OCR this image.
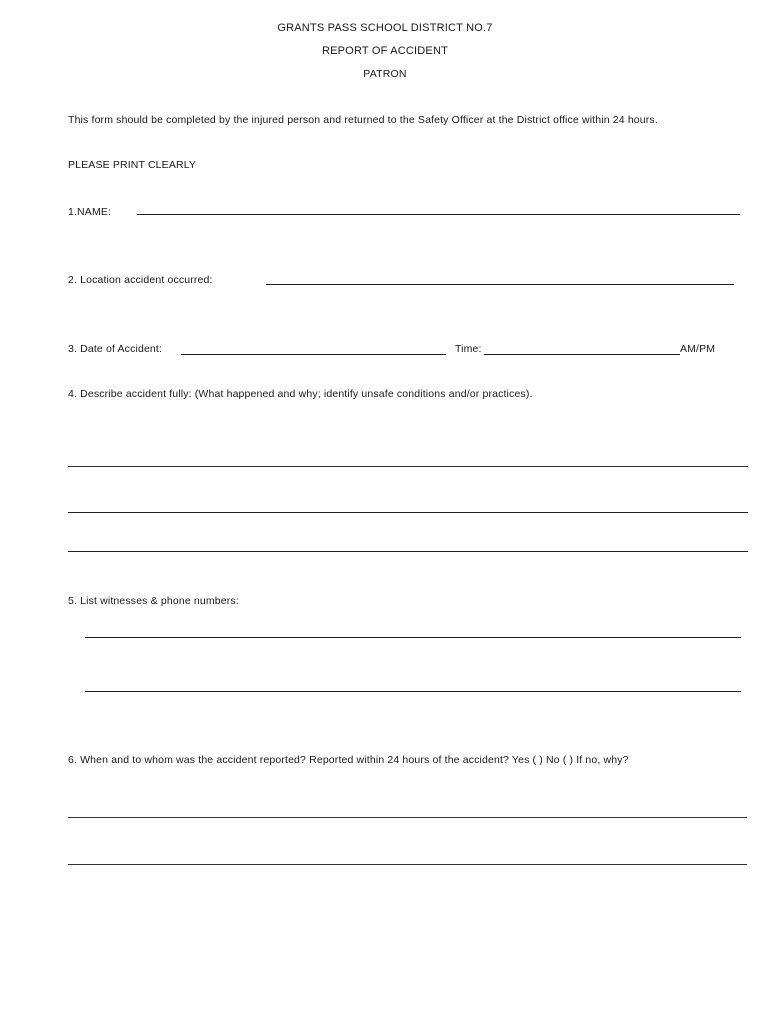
GRANTS PASS SCHOOL DISTRICT NO.7
REPORT OF ACCIDENT
PATRON
This form should be completed by the injured person and returned to the Safety Officer at the District office within 24 hours.
PLEASE PRINT CLEARLY
1.NAME:
2. Location accident occurred:
3. Date of Accident:	Time:	AM/PM
4. Describe accident fully: (What happened and why; identify unsafe conditions and/or practices).
5. List witnesses & phone numbers:
6. When and to whom was the accident reported? Reported within 24 hours of the accident? Yes ( ) No ( ) If no, why?
